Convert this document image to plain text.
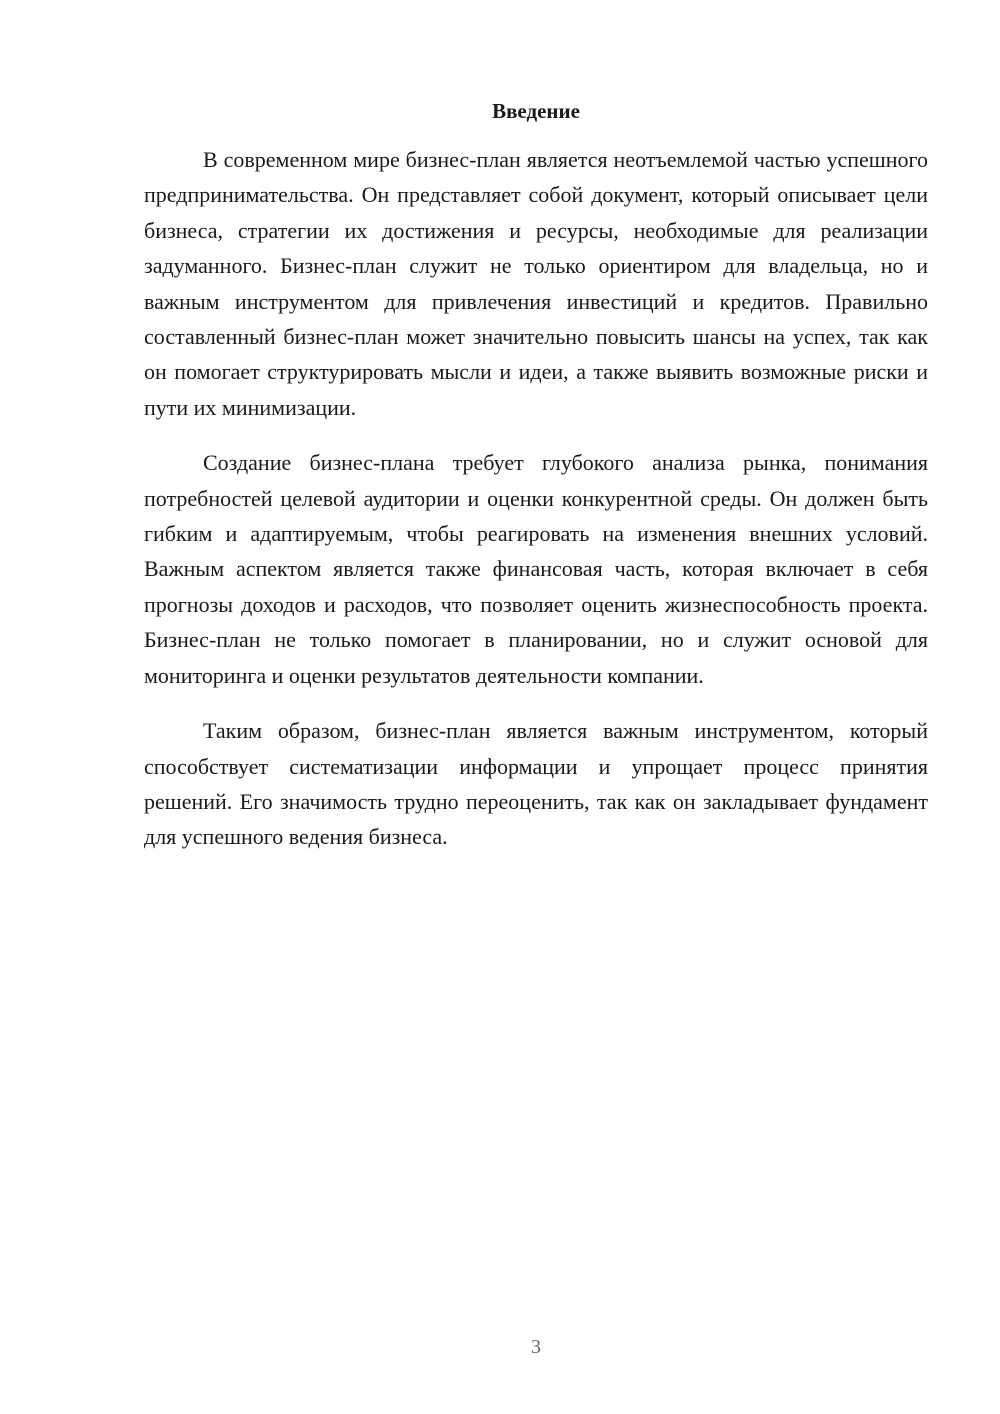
Введение

В современном мире бизнес-план является неотъемлемой частью успешного предпринимательства. Он представляет собой документ, который описывает цели бизнеса, стратегии их достижения и ресурсы, необходимые для реализации задуманного. Бизнес-план служит не только ориентиром для владельца, но и важным инструментом для привлечения инвестиций и кредитов. Правильно составленный бизнес-план может значительно повысить шансы на успех, так как он помогает структурировать мысли и идеи, а также выявить возможные риски и пути их минимизации.

Создание бизнес-плана требует глубокого анализа рынка, понимания потребностей целевой аудитории и оценки конкурентной среды. Он должен быть гибким и адаптируемым, чтобы реагировать на изменения внешних условий. Важным аспектом является также финансовая часть, которая включает в себя прогнозы доходов и расходов, что позволяет оценить жизнеспособность проекта. Бизнес-план не только помогает в планировании, но и служит основой для мониторинга и оценки результатов деятельности компании.

Таким образом, бизнес-план является важным инструментом, который способствует систематизации информации и упрощает процесс принятия решений. Его значимость трудно переоценить, так как он закладывает фундамент для успешного ведения бизнеса.

3
